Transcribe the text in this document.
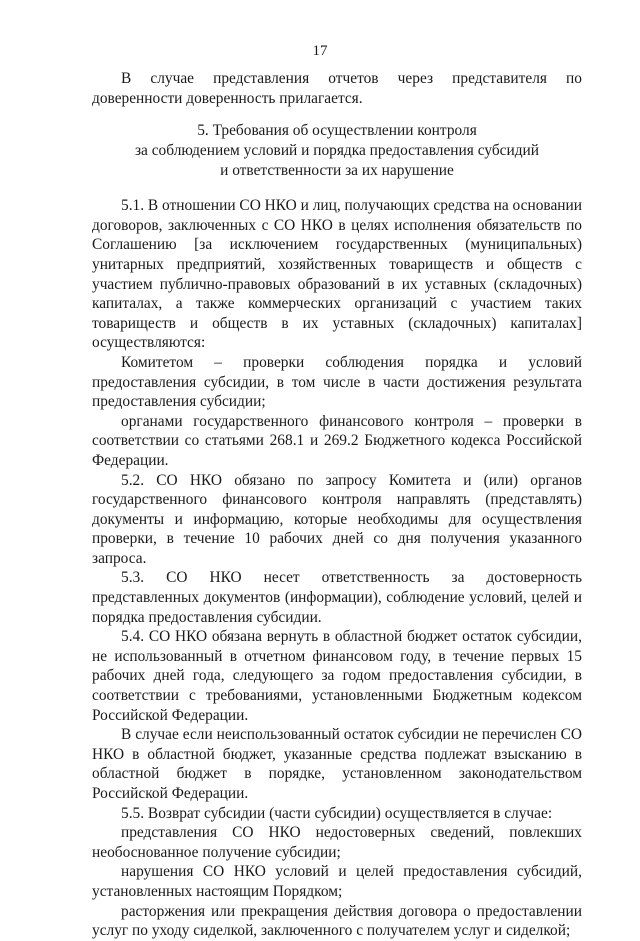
17

В случае представления отчетов через представителя по доверенности доверенность прилагается.

5. Требования об осуществлении контроля
за соблюдением условий и порядка предоставления субсидий
и ответственности за их нарушение

5.1. В отношении СО НКО и лиц, получающих средства на основании договоров, заключенных с СО НКО в целях исполнения обязательств по Соглашению [за исключением государственных (муниципальных) унитарных предприятий, хозяйственных товариществ и обществ с участием публично-правовых образований в их уставных (складочных) капиталах, а также коммерческих организаций с участием таких товариществ и обществ в их уставных (складочных) капиталах] осуществляются:

Комитетом – проверки соблюдения порядка и условий предоставления субсидии, в том числе в части достижения результата предоставления субсидии;

органами государственного финансового контроля – проверки в соответствии со статьями 268.1 и 269.2 Бюджетного кодекса Российской Федерации.

5.2. СО НКО обязано по запросу Комитета и (или) органов государственного финансового контроля направлять (представлять) документы и информацию, которые необходимы для осуществления проверки, в течение 10 рабочих дней со дня получения указанного запроса.

5.3. СО НКО несет ответственность за достоверность представленных документов (информации), соблюдение условий, целей и порядка предоставления субсидии.

5.4. СО НКО обязана вернуть в областной бюджет остаток субсидии, не использованный в отчетном финансовом году, в течение первых 15 рабочих дней года, следующего за годом предоставления субсидии, в соответствии с требованиями, установленными Бюджетным кодексом Российской Федерации.

В случае если неиспользованный остаток субсидии не перечислен СО НКО в областной бюджет, указанные средства подлежат взысканию в областной бюджет в порядке, установленном законодательством Российской Федерации.

5.5. Возврат субсидии (части субсидии) осуществляется в случае:

представления СО НКО недостоверных сведений, повлекших необоснованное получение субсидии;

нарушения СО НКО условий и целей предоставления субсидий, установленных настоящим Порядком;

расторжения или прекращения действия договора о предоставлении услуг по уходу сиделкой, заключенного с получателем услуг и сиделкой;
